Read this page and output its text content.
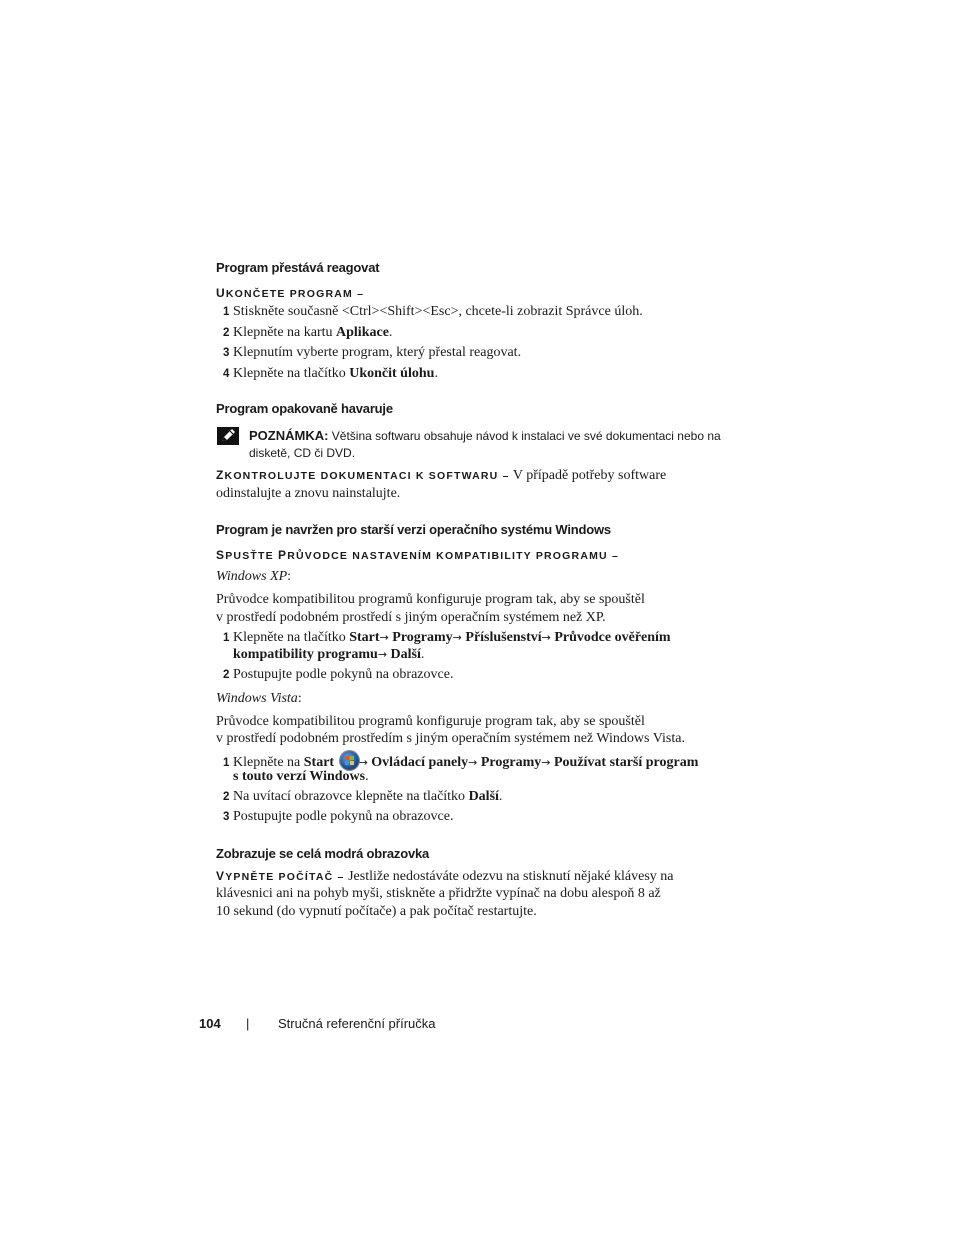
Program přestává reagovat
UKONČETE PROGRAM –
1 Stiskněte současně <Ctrl><Shift><Esc>, chcete-li zobrazit Správce úloh.
2 Klepněte na kartu Aplikace.
3 Klepnutím vyberte program, který přestal reagovat.
4 Klepněte na tlačítko Ukončit úlohu.
Program opakovaně havaruje
POZNÁMKA: Většina softwaru obsahuje návod k instalaci ve své dokumentaci nebo na
disketě, CD či DVD.
ZKONTROLUJTE DOKUMENTACI K SOFTWARU – V případě potřeby software
odinstalujte a znovu nainstalujte.
Program je navržen pro starší verzi operačního systému Windows
SPUSŤTE PRŮVODCE NASTAVENÍM KOMPATIBILITY PROGRAMU –
Windows XP:
Průvodce kompatibilitou programů konfiguruje program tak, aby se spouštěl
v prostředí podobném prostředí s jiným operačním systémem než XP.
1 Klepněte na tlačítko Start→ Programy→ Příslušenství→ Průvodce ověřením
kompatibility programu→ Další.
2 Postupujte podle pokynů na obrazovce.
Windows Vista:
Průvodce kompatibilitou programů konfiguruje program tak, aby se spouštěl
v prostředí podobném prostředím s jiným operačním systémem než Windows Vista.
1 Klepněte na Start → Ovládací panely→ Programy→ Používat starší program
s touto verzí Windows.
2 Na uvítací obrazovce klepněte na tlačítko Další.
3 Postupujte podle pokynů na obrazovce.
Zobrazuje se celá modrá obrazovka
VYPNĚTE POČÍTAČ – Jestliže nedostáváte odezvu na stisknutí nějaké klávesy na
klávesnici ani na pohyb myši, stiskněte a přidržte vypínač na dobu alespoň 8 až
10 sekund (do vypnutí počítače) a pak počítač restartujte.
104 | Stručná referenční příručka
